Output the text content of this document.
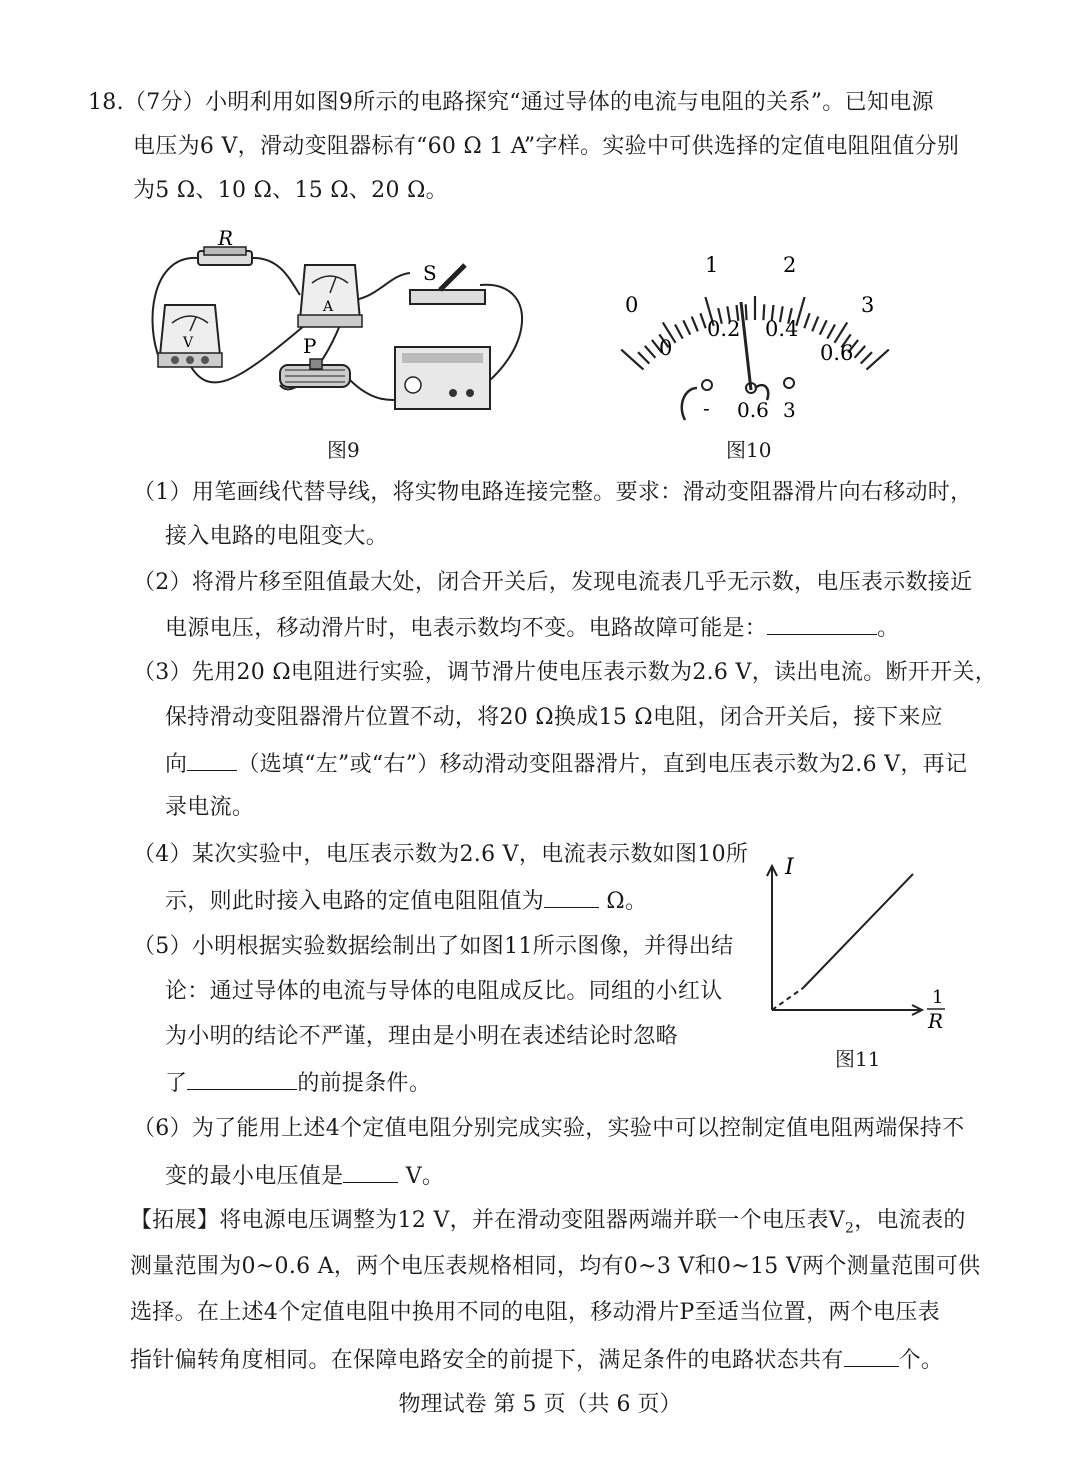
18.（7分）小明利用如图9所示的电路探究“通过导体的电流与电阻的关系”。已知电源
电压为6 V，滑动变阻器标有“60 Ω 1 A”字样。实验中可供选择的定值电阻阻值分别
为5 Ω、10 Ω、15 Ω、20 Ω。
R
A
V
S
P
图9
0
1	2
3
0
0.2 0.4
0.6
- 0.6 3
图10
（1）用笔画线代替导线，将实物电路连接完整。要求：滑动变阻器滑片向右移动时，
接入电路的电阻变大。
（2）将滑片移至阻值最大处，闭合开关后，发现电流表几乎无示数，电压表示数接近
电源电压，移动滑片时，电表示数均不变。电路故障可能是：	。
（3）先用20 Ω电阻进行实验，调节滑片使电压表示数为2.6 V，读出电流。断开开关，
保持滑动变阻器滑片位置不动，将20 Ω换成15 Ω电阻，闭合开关后，接下来应
向 （选填“左”或“右”）移动滑动变阻器滑片，直到电压表示数为2.6 V，再记
录电流。
（4）某次实验中，电压表示数为2.6 V，电流表示数如图10所
示，则此时接入电路的定值电阻阻值为	Ω。
（5）小明根据实验数据绘制出了如图11所示图像，并得出结
论：通过导体的电流与导体的电阻成反比。同组的小红认
为小明的结论不严谨，理由是小明在表述结论时忽略
了	的前提条件。
I
1
R
图11
（6）为了能用上述4个定值电阻分别完成实验，实验中可以控制定值电阻两端保持不
变的最小电压值是	V。
【拓展】将电源电压调整为12 V，并在滑动变阻器两端并联一个电压表$V_2$，电流表的
测量范围为0~0.6 A，两个电压表规格相同，均有0~3 V和0~15 V两个测量范围可供
选择。在上述4个定值电阻中换用不同的电阻，移动滑片P至适当位置，两个电压表
指针偏转角度相同。在保障电路安全的前提下，满足条件的电路状态共有	个。
物理试卷 第 5 页（共 6 页）
